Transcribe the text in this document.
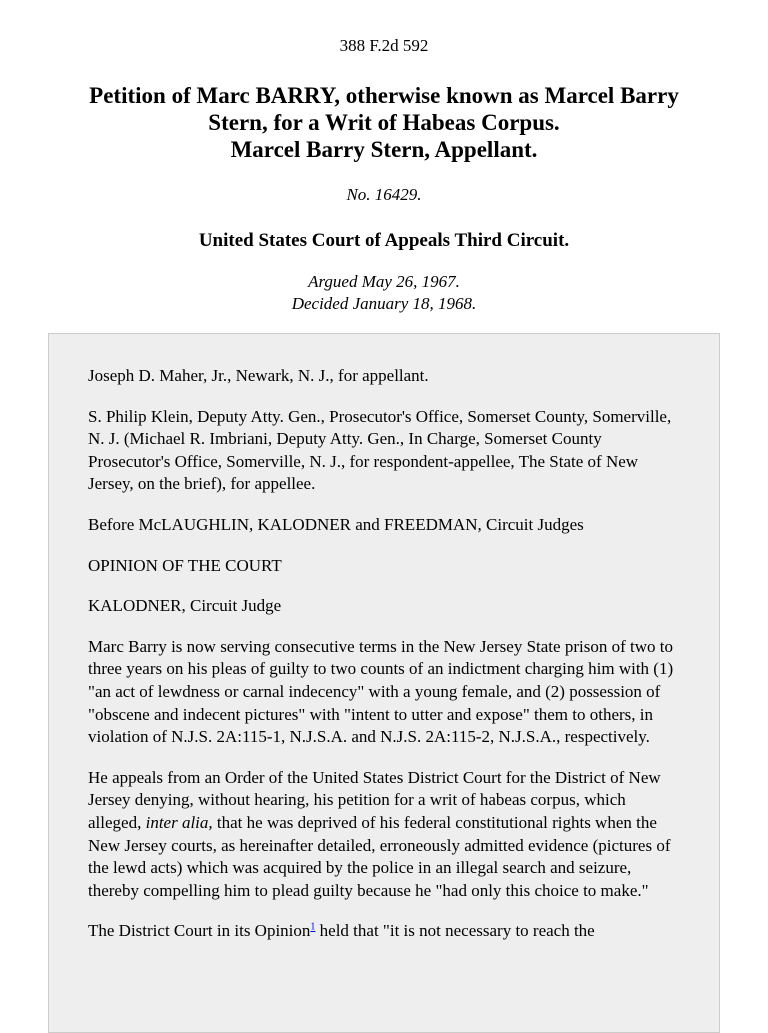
388 F.2d 592
Petition of Marc BARRY, otherwise known as Marcel Barry
Stern, for a Writ of Habeas Corpus.
Marcel Barry Stern, Appellant.
No. 16429.
United States Court of Appeals Third Circuit.
Argued May 26, 1967.
Decided January 18, 1968.

Joseph D. Maher, Jr., Newark, N. J., for appellant.

S. Philip Klein, Deputy Atty. Gen., Prosecutor's Office, Somerset County, Somerville, N. J. (Michael R. Imbriani, Deputy Atty. Gen., In Charge, Somerset County Prosecutor's Office, Somerville, N. J., for respondent-appellee, The State of New Jersey, on the brief), for appellee.

Before McLAUGHLIN, KALODNER and FREEDMAN, Circuit Judges

OPINION OF THE COURT

KALODNER, Circuit Judge

Marc Barry is now serving consecutive terms in the New Jersey State prison of two to three years on his pleas of guilty to two counts of an indictment charging him with (1) "an act of lewdness or carnal indecency" with a young female, and (2) possession of "obscene and indecent pictures" with "intent to utter and expose" them to others, in violation of N.J.S. 2A:115-1, N.J.S.A. and N.J.S. 2A:115-2, N.J.S.A., respectively.

He appeals from an Order of the United States District Court for the District of New Jersey denying, without hearing, his petition for a writ of habeas corpus, which alleged, inter alia, that he was deprived of his federal constitutional rights when the New Jersey courts, as hereinafter detailed, erroneously admitted evidence (pictures of the lewd acts) which was acquired by the police in an illegal search and seizure, thereby compelling him to plead guilty because he "had only this choice to make."

The District Court in its Opinion$^1$ held that "it is not necessary to reach the
